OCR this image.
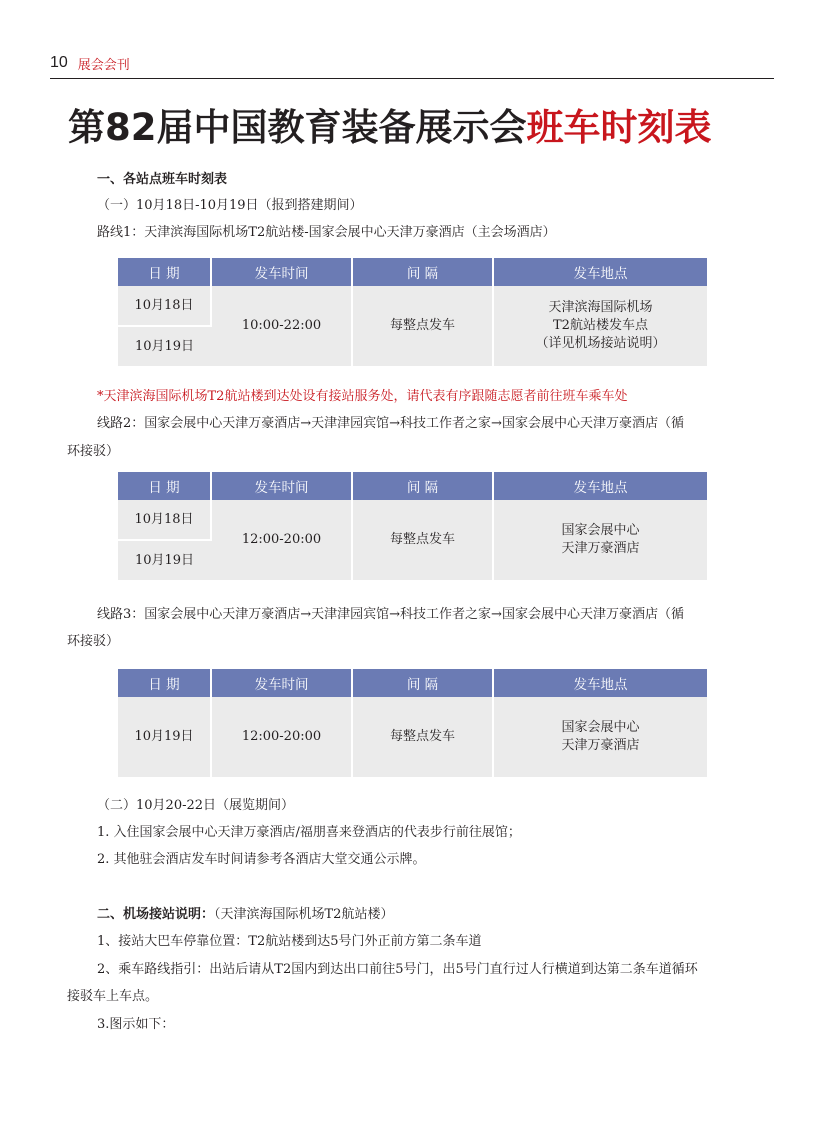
10 展会会刊
第82届中国教育装备展示会班车时刻表
一、各站点班车时刻表
（一）10月18日-10月19日（报到搭建期间）
路线1：天津滨海国际机场T2航站楼-国家会展中心天津万豪酒店（主会场酒店）
日 期	发车时间	间 隔	发车地点
10月18日	10:00-22:00	每整点发车	天津滨海国际机场
T2航站楼发车点
（详见机场接站说明）

10月19日			
*天津滨海国际机场T2航站楼到达处设有接站服务处，请代表有序跟随志愿者前往班车乘车处
线路2：国家会展中心天津万豪酒店→天津津园宾馆→科技工作者之家→国家会展中心天津万豪酒店（循
环接驳）
日 期	发车时间	间 隔	发车地点
10月18日	12:00-20:00	每整点发车	国家会展中心
天津万豪酒店

10月19日			
线路3：国家会展中心天津万豪酒店→天津津园宾馆→科技工作者之家→国家会展中心天津万豪酒店（循
环接驳）
日 期	发车时间	间 隔	发车地点
10月19日	12:00-20:00	每整点发车	国家会展中心
天津万豪酒店
（二）10月20-22日（展览期间）
1. 入住国家会展中心天津万豪酒店/福朋喜来登酒店的代表步行前往展馆；
2. 其他驻会酒店发车时间请参考各酒店大堂交通公示牌。
二、机场接站说明：（天津滨海国际机场T2航站楼）
1、接站大巴车停靠位置：T2航站楼到达5号门外正前方第二条车道
2、乘车路线指引：出站后请从T2国内到达出口前往5号门，出5号门直行过人行横道到达第二条车道循环
接驳车上车点。
3.图示如下：
